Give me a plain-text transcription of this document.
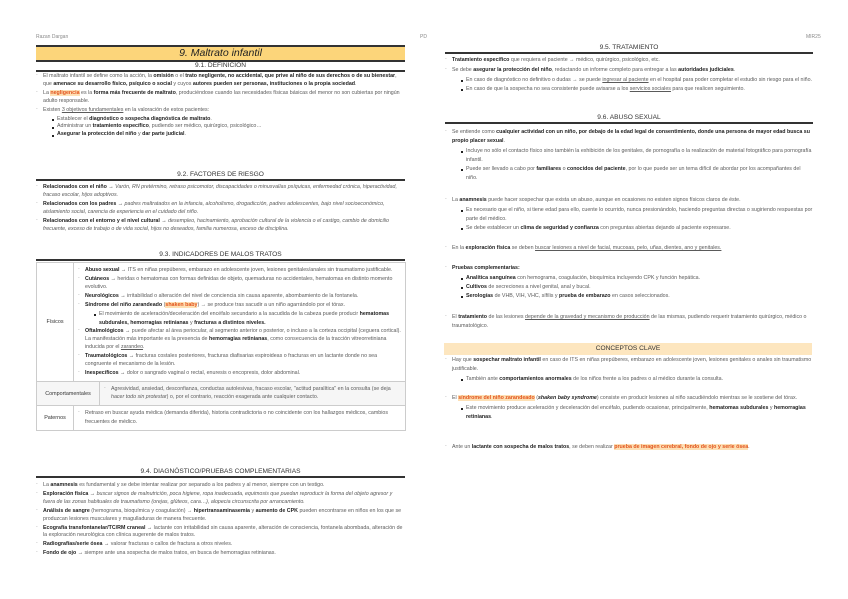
Razan Dargan	PD	MIR25
9. Maltrato infantil
9.1. DEFINICIÓN
- El maltrato infantil se define como la acción, la omisión o el trato negligente, no accidental, que prive al niño de sus derechos o de su bienestar, que amenace su desarrollo físico, psíquico o social y cuyos autores pueden ser personas, instituciones o la propia sociedad.
- La negligencia es la forma más frecuente de maltrato, produciéndose cuando las necesidades físicas básicas del menor no son cubiertas por ningún adulto responsable.
- Existen 3 objetivos fundamentales en la valoración de estos pacientes:
Establecer el diagnóstico o sospecha diagnóstica de maltrato.
Administrar un tratamiento específico, pudiendo ser médico, quirúrgico, psicológico…
Asegurar la protección del niño y dar parte judicial.
9.2. FACTORES DE RIESGO
- Relacionados con el niño → Varón, RN pretérmino, retraso psicomotor, discapacidades o minusvalías psíquicas, enfermedad crónica, hiperactividad, fracaso escolar, hijos adoptivos.
- Relacionados con los padres → padres maltratados en la infancia, alcoholismo, drogadicción, padres adolescentes, bajo nivel socioeconómico, aislamiento social, carencia de experiencia en el cuidado del niño.
- Relacionados con el entorno y el nivel cultural → desempleo, hacinamiento, aprobación cultural de la violencia o el castigo, cambio de domicilio frecuente, exceso de trabajo o de vida social, hijos no deseados, familia numerosa, exceso de disciplina.
9.3. INDICADORES DE MALOS TRATOS
Físicos
- Abuso sexual → ITS en niñas prepúberes, embarazo en adolescente joven, lesiones genitales/anales sin traumatismo justificable.
- Cutáneos → heridas o hematomas con formas definidas de objeto, quemaduras no accidentales, hematomas en distinto momento evolutivo.
- Neurológicos → irritabilidad o alteración del nivel de conciencia sin causa aparente, abombamiento de la fontanela.
- Síndrome del niño zarandeado (shaken baby) → se produce tras sacudir a un niño agarrándolo por el tórax.
El movimiento de aceleración/deceleración del encéfalo secundario a la sacudida de la cabeza puede producir hematomas subdurales, hemorragias retinianas y fracturas a distintos niveles.
- Oftalmológicos → puede afectar al área periocular, al segmento anterior o posterior, o incluso a la corteza occipital (ceguera cortical). La manifestación más importante es la presencia de hemorragias retinianas, como consecuencia de la tracción vitreorretiniana inducida por el zarandeo.
- Traumatológicos → fracturas costales posteriores, fracturas diafisarias espiroideas o fracturas en un lactante donde no sea congruente el mecanismo de la lesión.
- Inespecíficos → dolor o sangrado vaginal o rectal, enuresis o encopresis, dolor abdominal.
Comportamentales
- Agresividad, ansiedad, desconfianza, conductas autolesivas, fracaso escolar, "actitud paralítica" en la consulta (se deja hacer todo sin protestar) o, por el contrario, reacción exagerada ante cualquier contacto.
Paternos
- Retraso en buscar ayuda médica (demanda diferida), historia contradictoria o no coincidente con los hallazgos médicos, cambios frecuentes de médico.
9.4. DIAGNÓSTICO/PRUEBAS COMPLEMENTARIAS
- La anamnesis es fundamental y se debe intentar realizar por separado a los padres y al menor, siempre con un testigo.
- Exploración física → buscar signos de malnutrición, poca higiene, ropa inadecuada, equimosis que puedan reproducir la forma del objeto agresor y fuera de las zonas habituales de traumatismo (orejas, glúteos, cara…), alopecia circunscrita por arrancamiento.
- Análisis de sangre (hemograma, bioquímica y coagulación) → hipertransaminasemia y aumento de CPK pueden encontrarse en niños en los que se produzcan lesiones musculares y magulladuras de manera frecuente.
- Ecografía transfontanelar/TC/RM craneal → lactante con irritabilidad sin causa aparente, alteración de consciencia, fontanela abombada, alteración de la exploración neurológica con clínica sugerente de malos tratos.
- Radiografías/serie ósea → valorar fracturas o callos de fractura a otros niveles.
- Fondo de ojo → siempre ante una sospecha de malos tratos, en busca de hemorragias retinianas.
9.5. TRATAMIENTO
- Tratamiento específico que requiera el paciente → médico, quirúrgico, psicológico, etc.
- Se debe asegurar la protección del niño, redactando un informe completo para entregar a las autoridades judiciales.
En caso de diagnóstico no definitivo o dudas → se puede ingresar al paciente en el hospital para poder completar el estudio sin riesgo para el niño.
En caso de que la sospecha no sea consistente puede avisarse a los servicios sociales para que realicen seguimiento.
9.6. ABUSO SEXUAL
- Se entiende como cualquier actividad con un niño, por debajo de la edad legal de consentimiento, donde una persona de mayor edad busca su propio placer sexual.
Incluye no sólo el contacto físico sino también la exhibición de los genitales, de pornografía o la realización de material fotográfico para pornografía infantil.
Puede ser llevado a cabo por familiares o conocidos del paciente, por lo que puede ser un tema difícil de abordar por los acompañantes del niño.
- La anamnesis puede hacer sospechar que exista un abuso, aunque en ocasiones no existen signos físicos claros de éste.
Es necesario que el niño, si tiene edad para ello, cuente lo ocurrido, nunca presionándolo, haciendo preguntas directas o sugiriendo respuestas por parte del médico.
Se debe establecer un clima de seguridad y confianza con preguntas abiertas dejando al paciente expresarse.
- En la exploración física se deben buscar lesiones a nivel de facial, mucosas, pelo, uñas, dientes, ano y genitales.
- Pruebas complementarias:
Analítica sanguínea con hemograma, coagulación, bioquímica incluyendo CPK y función hepática.
Cultivos de secreciones a nivel genital, anal y bucal.
Serologías de VHB, VIH, VHC, sífilis y prueba de embarazo en casos seleccionados.
- El tratamiento de las lesiones depende de la gravedad y mecanismo de producción de las mismas, pudiendo requerir tratamiento quirúrgico, médico o traumatológico.
CONCEPTOS CLAVE
- Hay que sospechar maltrato infantil en caso de ITS en niñas prepúberes, embarazo en adolescente joven, lesiones genitales o anales sin traumatismo justificable.
También ante comportamientos anormales de los niños frente a los padres o al médico durante la consulta.
- El síndrome del niño zarandeado (shaken baby syndrome) consiste en producir lesiones al niño sacudiéndolo mientras se le sostiene del tórax.
Este movimiento produce aceleración y deceleración del encéfalo, pudiendo ocasionar, principalmente, hematomas subdurales y hemorragias retinianas.
- Ante un lactante con sospecha de malos tratos, se deben realizar prueba de imagen cerebral, fondo de ojo y serie ósea.
